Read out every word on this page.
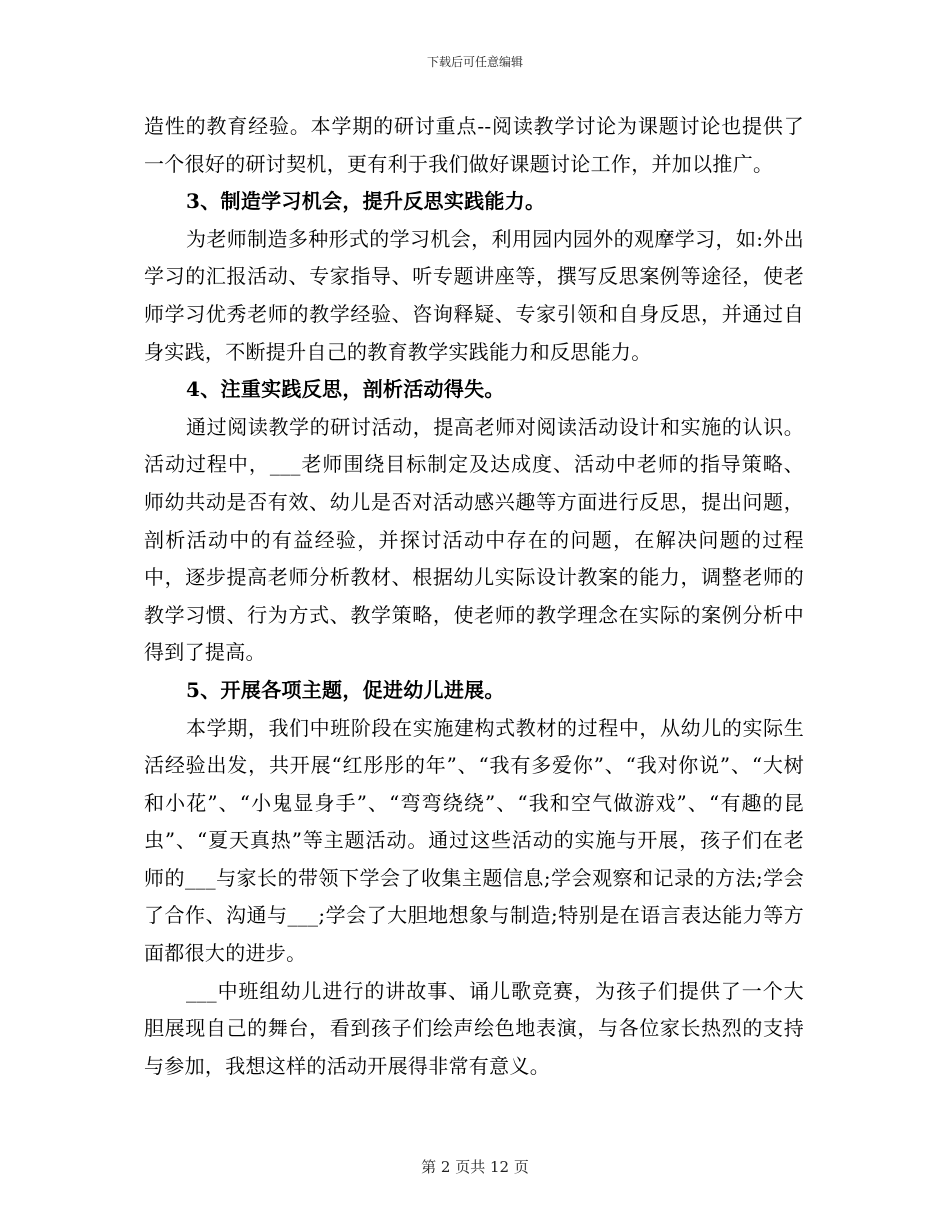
下载后可任意编辑

造性的教育经验。本学期的研讨重点--阅读教学讨论为课题讨论也提供了一个很好的研讨契机，更有利于我们做好课题讨论工作，并加以推广。

3、制造学习机会，提升反思实践能力。

为老师制造多种形式的学习机会，利用园内园外的观摩学习，如:外出学习的汇报活动、专家指导、听专题讲座等，撰写反思案例等途径，使老师学习优秀老师的教学经验、咨询释疑、专家引领和自身反思，并通过自身实践，不断提升自己的教育教学实践能力和反思能力。

4、注重实践反思，剖析活动得失。

通过阅读教学的研讨活动，提高老师对阅读活动设计和实施的认识。活动过程中，___老师围绕目标制定及达成度、活动中老师的指导策略、师幼共动是否有效、幼儿是否对活动感兴趣等方面进行反思，提出问题，剖析活动中的有益经验，并探讨活动中存在的问题，在解决问题的过程中，逐步提高老师分析教材、根据幼儿实际设计教案的能力，调整老师的教学习惯、行为方式、教学策略，使老师的教学理念在实际的案例分析中得到了提高。

5、开展各项主题，促进幼儿进展。

本学期，我们中班阶段在实施建构式教材的过程中，从幼儿的实际生活经验出发，共开展“红彤彤的年”、“我有多爱你”、“我对你说”、“大树和小花”、“小鬼显身手”、“弯弯绕绕”、“我和空气做游戏”、“有趣的昆虫”、“夏天真热”等主题活动。通过这些活动的实施与开展，孩子们在老师的___与家长的带领下学会了收集主题信息;学会观察和记录的方法;学会了合作、沟通与___;学会了大胆地想象与制造;特别是在语言表达能力等方面都很大的进步。

___中班组幼儿进行的讲故事、诵儿歌竞赛，为孩子们提供了一个大胆展现自己的舞台，看到孩子们绘声绘色地表演，与各位家长热烈的支持与参加，我想这样的活动开展得非常有意义。

第 2 页共 12 页
